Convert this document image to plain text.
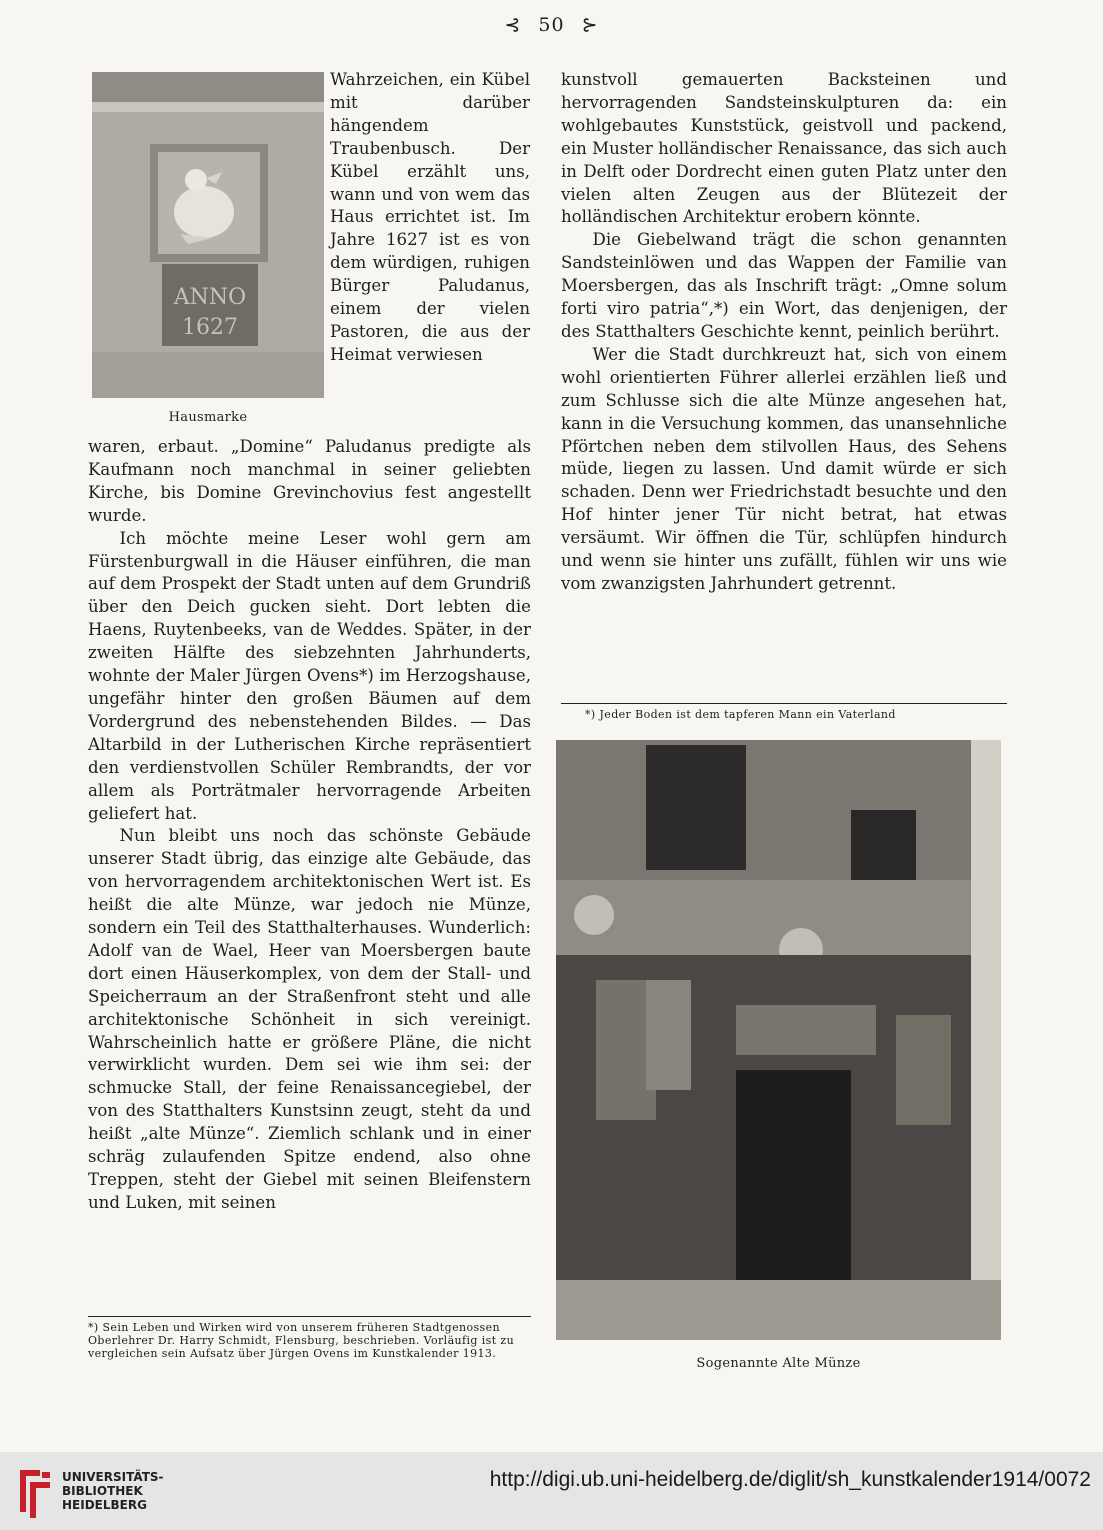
⊰ 50 ⊱
ANNO
1627

Wahrzeichen, ein Kübel mit darüber hängendem Traubenbusch. Der Kübel erzählt uns, wann und von wem das Haus errichtet ist. Im Jahre 1627 ist es von dem würdigen, ruhigen Bürger Paludanus, einem der vielen Pastoren, die aus der Heimat verwiesen

Hausmarke

waren, erbaut. „Domine“ Paludanus predigte als Kaufmann noch manchmal in seiner geliebten Kirche, bis Domine Grevinchovius fest angestellt wurde.

Ich möchte meine Leser wohl gern am Fürstenburgwall in die Häuser einführen, die man auf dem Prospekt der Stadt unten auf dem Grundriß über den Deich gucken sieht. Dort lebten die Haens, Ruytenbeeks, van de Weddes. Später, in der zweiten Hälfte des siebzehnten Jahrhunderts, wohnte der Maler Jürgen Ovens*) im Herzogshause, ungefähr hinter den großen Bäumen auf dem Vordergrund des nebenstehenden Bildes. — Das Altarbild in der Lutherischen Kirche repräsentiert den verdienstvollen Schüler Rembrandts, der vor allem als Porträtmaler hervorragende Arbeiten geliefert hat.

Nun bleibt uns noch das schönste Gebäude unserer Stadt übrig, das einzige alte Gebäude, das von hervorragendem architektonischen Wert ist. Es heißt die alte Münze, war jedoch nie Münze, sondern ein Teil des Statthalterhauses. Wunderlich: Adolf van de Wael, Heer van Moersbergen baute dort einen Häuserkomplex, von dem der Stall- und Speicherraum an der Straßenfront steht und alle architektonische Schönheit in sich vereinigt. Wahrscheinlich hatte er größere Pläne, die nicht verwirklicht wurden. Dem sei wie ihm sei: der schmucke Stall, der feine Renaissancegiebel, der von des Statthalters Kunstsinn zeugt, steht da und heißt „alte Münze“. Ziemlich schlank und in einer schräg zulaufenden Spitze endend, also ohne Treppen, steht der Giebel mit seinen Bleifenstern und Luken, mit seinen

*) Sein Leben und Wirken wird von unserem früheren Stadtgenossen Oberlehrer Dr. Harry Schmidt, Flensburg, beschrieben. Vorläufig ist zu vergleichen sein Aufsatz über Jürgen Ovens im Kunstkalender 1913.

kunstvoll gemauerten Backsteinen und hervorragenden Sandsteinskulpturen da: ein wohlgebautes Kunststück, geistvoll und packend, ein Muster holländischer Renaissance, das sich auch in Delft oder Dordrecht einen guten Platz unter den vielen alten Zeugen aus der Blütezeit der holländischen Architektur erobern könnte.

Die Giebelwand trägt die schon genannten Sandsteinlöwen und das Wappen der Familie van Moersbergen, das als Inschrift trägt: „Omne solum forti viro patria“,*) ein Wort, das denjenigen, der des Statthalters Geschichte kennt, peinlich berührt.

Wer die Stadt durchkreuzt hat, sich von einem wohl orientierten Führer allerlei erzählen ließ und zum Schlusse sich die alte Münze angesehen hat, kann in die Versuchung kommen, das unansehnliche Pförtchen neben dem stilvollen Haus, des Sehens müde, liegen zu lassen. Und damit würde er sich schaden. Denn wer Friedrichstadt besuchte und den Hof hinter jener Tür nicht betrat, hat etwas versäumt. Wir öffnen die Tür, schlüpfen hindurch und wenn sie hinter uns zufällt, fühlen wir uns wie vom zwanzigsten Jahrhundert getrennt.

*) Jeder Boden ist dem tapferen Mann ein Vaterland
Sogenannte Alte Münze
UNIVERSITÄTS-
BIBLIOTHEK
HEIDELBERG
http://digi.ub.uni-heidelberg.de/diglit/sh_kunstkalender1914/0072
